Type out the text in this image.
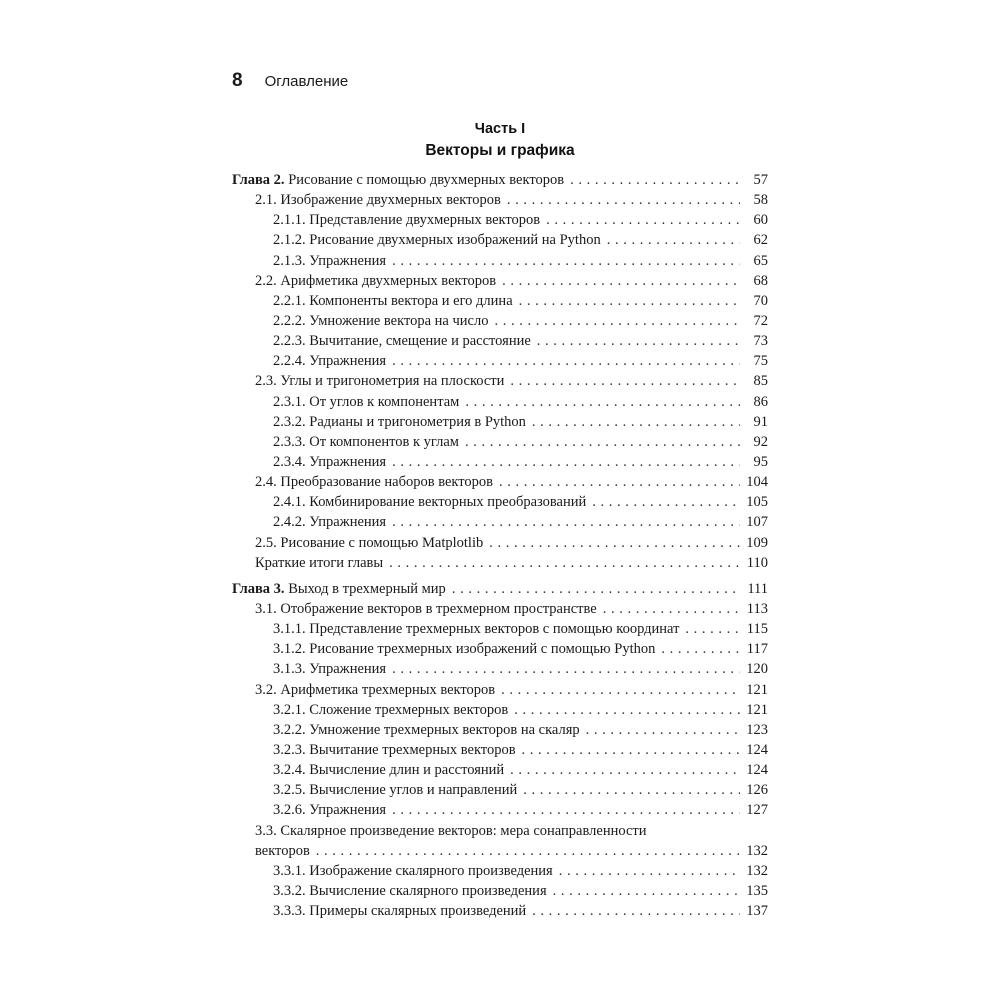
8 Оглавление
Часть I
Векторы и графика
Глава 2. Рисование с помощью двухмерных векторов . . .	57
2.1. Изображение двухмерных векторов . . .	58
2.1.1. Представление двухмерных векторов . . .	60
2.1.2. Рисование двухмерных изображений на Python . . .	62
2.1.3. Упражнения . . .	65
2.2. Арифметика двухмерных векторов . . .	68
2.2.1. Компоненты вектора и его длина . . .	70
2.2.2. Умножение вектора на число . . .	72
2.2.3. Вычитание, смещение и расстояние . . .	73
2.2.4. Упражнения . . .	75
2.3. Углы и тригонометрия на плоскости . . .	85
2.3.1. От углов к компонентам . . .	86
2.3.2. Радианы и тригонометрия в Python . . .	91
2.3.3. От компонентов к углам . . .	92
2.3.4. Упражнения . . .	95
2.4. Преобразование наборов векторов . . .	104
2.4.1. Комбинирование векторных преобразований . . .	105
2.4.2. Упражнения . . .	107
2.5. Рисование с помощью Matplotlib . . .	109
Краткие итоги главы . . .	110
Глава 3. Выход в трехмерный мир . . .	111
3.1. Отображение векторов в трехмерном пространстве . . .	113
3.1.1. Представление трехмерных векторов с помощью координат . . .	115
3.1.2. Рисование трехмерных изображений с помощью Python . . .	117
3.1.3. Упражнения . . .	120
3.2. Арифметика трехмерных векторов . . .	121
3.2.1. Сложение трехмерных векторов . . .	121
3.2.2. Умножение трехмерных векторов на скаляр . . .	123
3.2.3. Вычитание трехмерных векторов . . .	124
3.2.4. Вычисление длин и расстояний . . .	124
3.2.5. Вычисление углов и направлений . . .	126
3.2.6. Упражнения . . .	127
3.3. Скалярное произведение векторов: мера сонаправленности
векторов . . .	132
3.3.1. Изображение скалярного произведения . . .	132
3.3.2. Вычисление скалярного произведения . . .	135
3.3.3. Примеры скалярных произведений . . .	137
